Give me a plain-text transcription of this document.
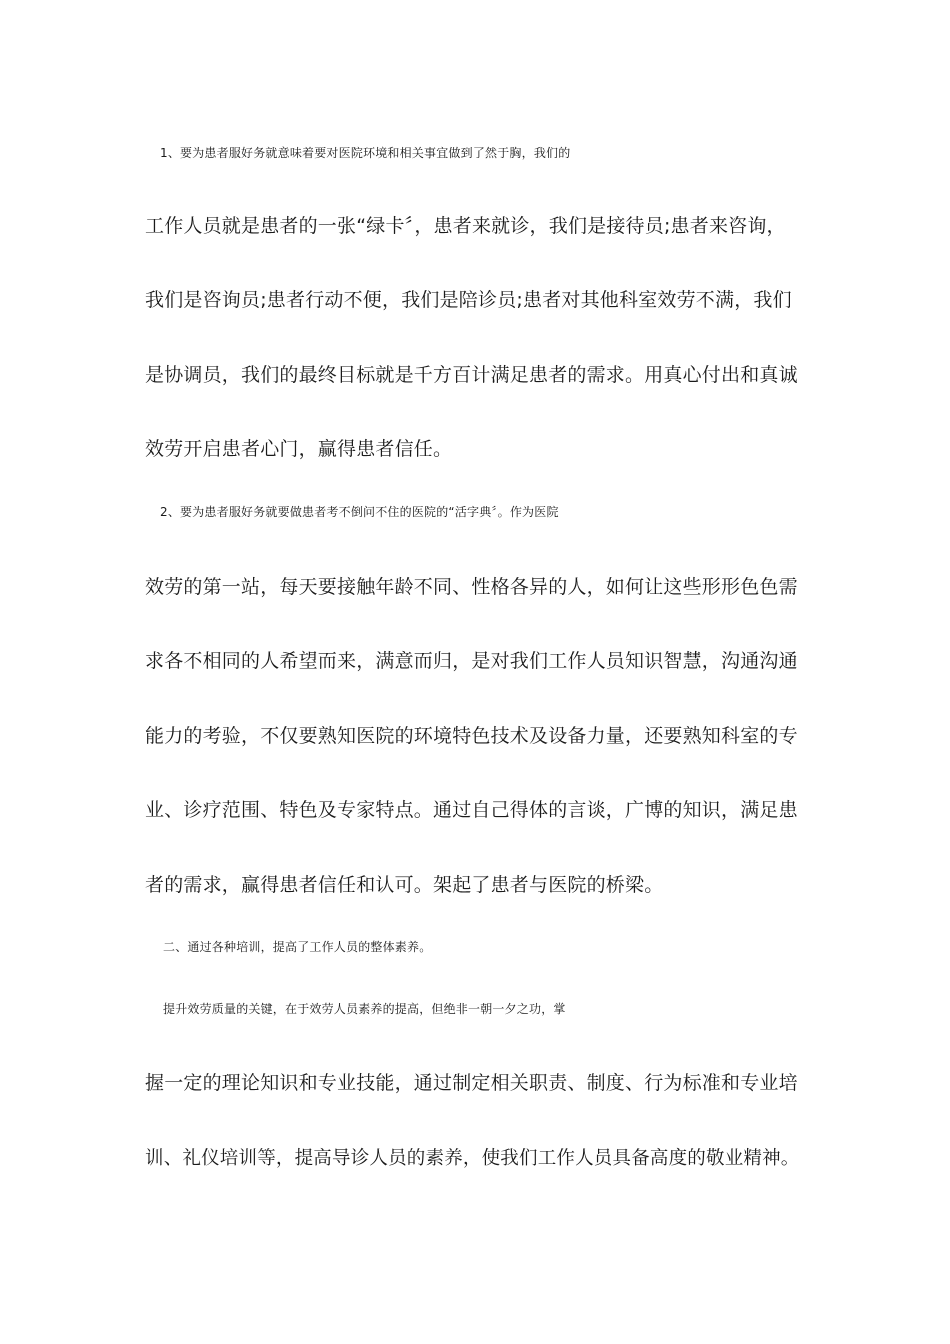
1、要为患者服好务就意味着要对医院环境和相关事宜做到了然于胸，我们的
工作人员就是患者的一张“绿卡〞，患者来就诊，我们是接待员;患者来咨询，
我们是咨询员;患者行动不便，我们是陪诊员;患者对其他科室效劳不满，我们
是协调员，我们的最终目标就是千方百计满足患者的需求。用真心付出和真诚
效劳开启患者心门，赢得患者信任。
2、要为患者服好务就要做患者考不倒问不住的医院的“活字典〞。作为医院
效劳的第一站，每天要接触年龄不同、性格各异的人，如何让这些形形色色需
求各不相同的人希望而来，满意而归，是对我们工作人员知识智慧，沟通沟通
能力的考验，不仅要熟知医院的环境特色技术及设备力量，还要熟知科室的专
业、诊疗范围、特色及专家特点。通过自己得体的言谈，广博的知识，满足患
者的需求，赢得患者信任和认可。架起了患者与医院的桥梁。
二、通过各种培训，提高了工作人员的整体素养。
提升效劳质量的关键，在于效劳人员素养的提高，但绝非一朝一夕之功，掌
握一定的理论知识和专业技能，通过制定相关职责、制度、行为标准和专业培
训、礼仪培训等，提高导诊人员的素养，使我们工作人员具备高度的敬业精神。
